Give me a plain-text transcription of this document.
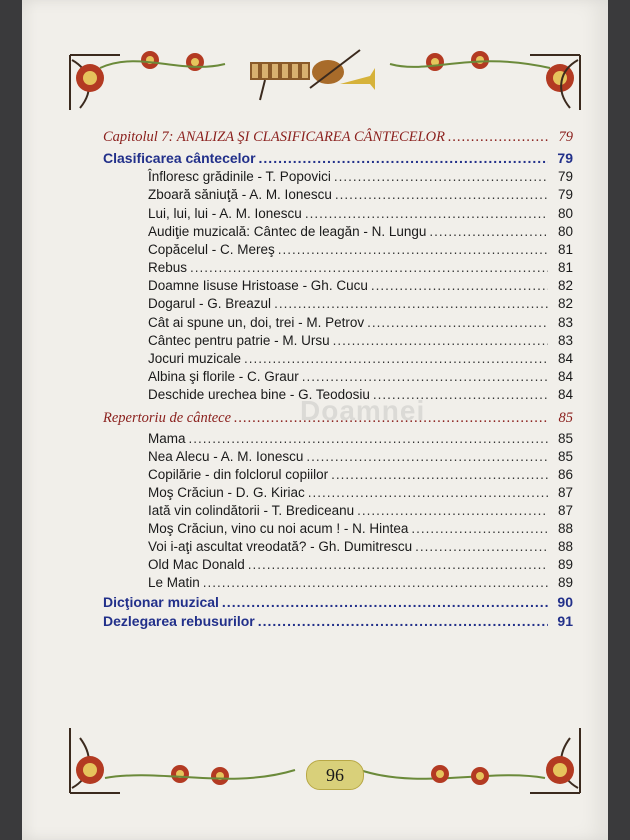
Doamnei
Capitolul 7: ANALIZA ŞI CLASIFICAREA CÂNTECELOR .....	79
Clasificarea cântecelor .....	79
Înfloresc grădinile - T. Popovici .....	79
Zboară săniuţă - A. M. Ionescu .....	79
Lui, lui, lui - A. M. Ionescu .....	80
Audiţie muzicală: Cântec de leagăn - N. Lungu .....	80
Copăcelul - C. Mereş .....	81
Rebus .....	81
Doamne Iisuse Hristoase - Gh. Cucu .....	82
Dogarul - G. Breazul .....	82
Cât ai spune un, doi, trei - M. Petrov .....	83
Cântec pentru patrie - M. Ursu .....	83
Jocuri muzicale .....	84
Albina şi florile - C. Graur .....	84
Deschide urechea bine - G. Teodosiu .....	84
Repertoriu de cântece .....	85
Mama .....	85
Nea Alecu - A. M. Ionescu .....	85
Copilărie - din folclorul copiilor .....	86
Moş Crăciun - D. G. Kiriac .....	87
Iată vin colindătorii - T. Brediceanu .....	87
Moş Crăciun, vino cu noi acum ! - N. Hintea .....	88
Voi i-aţi ascultat vreodată? - Gh. Dumitrescu .....	88
Old Mac Donald .....	89
Le Matin .....	89
Dicţionar muzical .....	90
Dezlegarea rebusurilor .....	91
96
